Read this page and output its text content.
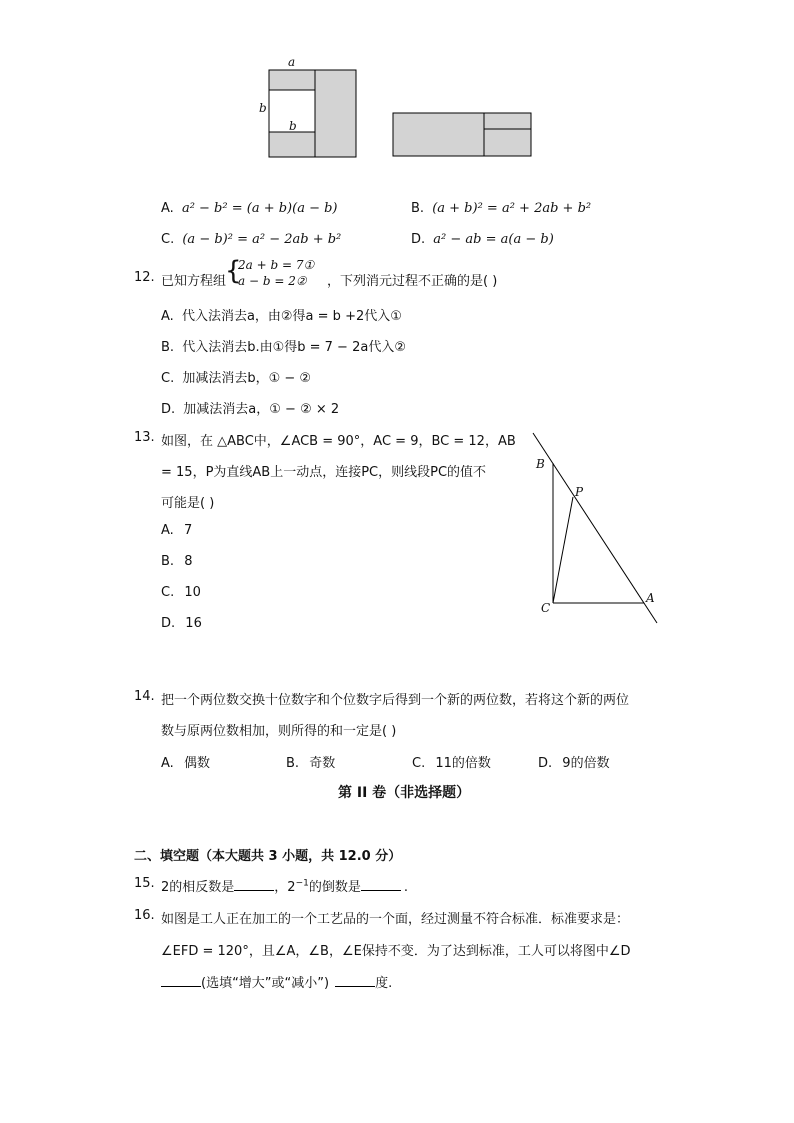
a
b
b
A. a² − b² = (a + b)(a − b)	B. (a + b)² = a² + 2ab + b²
C. (a − b)² = a² − 2ab + b²	D. a² − ab = a(a − b)
12. 已知方程组
{
2a + b = 7①
a − b = 2② ，下列消元过程不正确的是( )
A. 代入法消去a，由②得a = b +2代入①
B. 代入法消去b.由①得b = 7 − 2a代入②
C. 加减法消去b，① − ②
D. 加减法消去a，① − ② × 2
13. 如图，在 △ABC中，∠ACB = 90°，AC = 9，BC = 12，AB
= 15，P为直线AB上一动点，连接PC，则线段PC的值不
可能是( )
A. 7
B. 8
C. 10
D. 16
B
P
C
A
14. 把一个两位数交换十位数字和个位数字后得到一个新的两位数，若将这个新的两位
数与原两位数相加，则所得的和一定是( )
A. 偶数	B. 奇数	C. 11的倍数	D. 9的倍数
第 II 卷（非选择题）
二、填空题（本大题共 3 小题，共 12.0 分）
15. 2的相反数是	，$2^{-1}$的倒数是	.
16. 如图是工人正在加工的一个工艺品的一个面，经过测量不符合标准．标准要求是：
∠EFD = 120°，且∠A，∠B，∠E保持不变．为了达到标准，工人可以将图中∠D
(选填“增大”或“减小”)	度.
